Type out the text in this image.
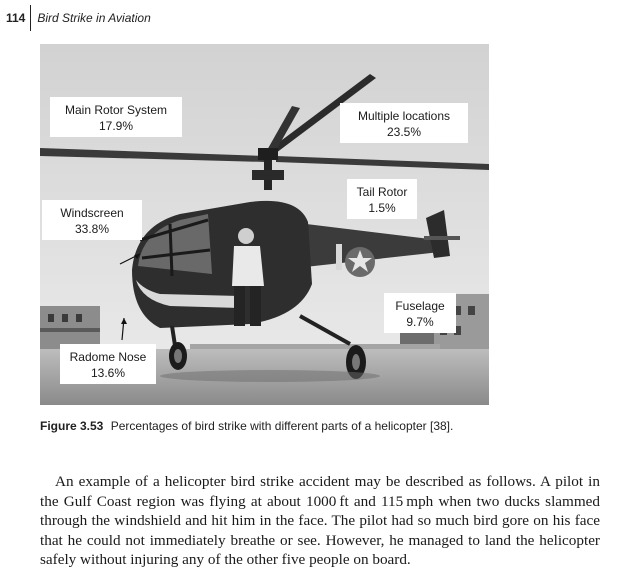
114 Bird Strike in Aviation
Main Rotor System
17.9%
Multiple locations
23.5%
Tail Rotor
1.5%
Windscreen
33.8%
Fuselage
9.7%
Radome Nose
13.6%
Figure 3.53 Percentages of bird strike with different parts of a helicopter [38].

An example of a helicopter bird strike accident may be described as follows. A pilot in the Gulf Coast region was flying at about 1000 ft and 115 mph when two ducks slammed through the windshield and hit him in the face. The pilot had so much bird gore on his face that he could not immediately breathe or see. However, he managed to land the helicopter safely without injuring any of the other five people on board.
